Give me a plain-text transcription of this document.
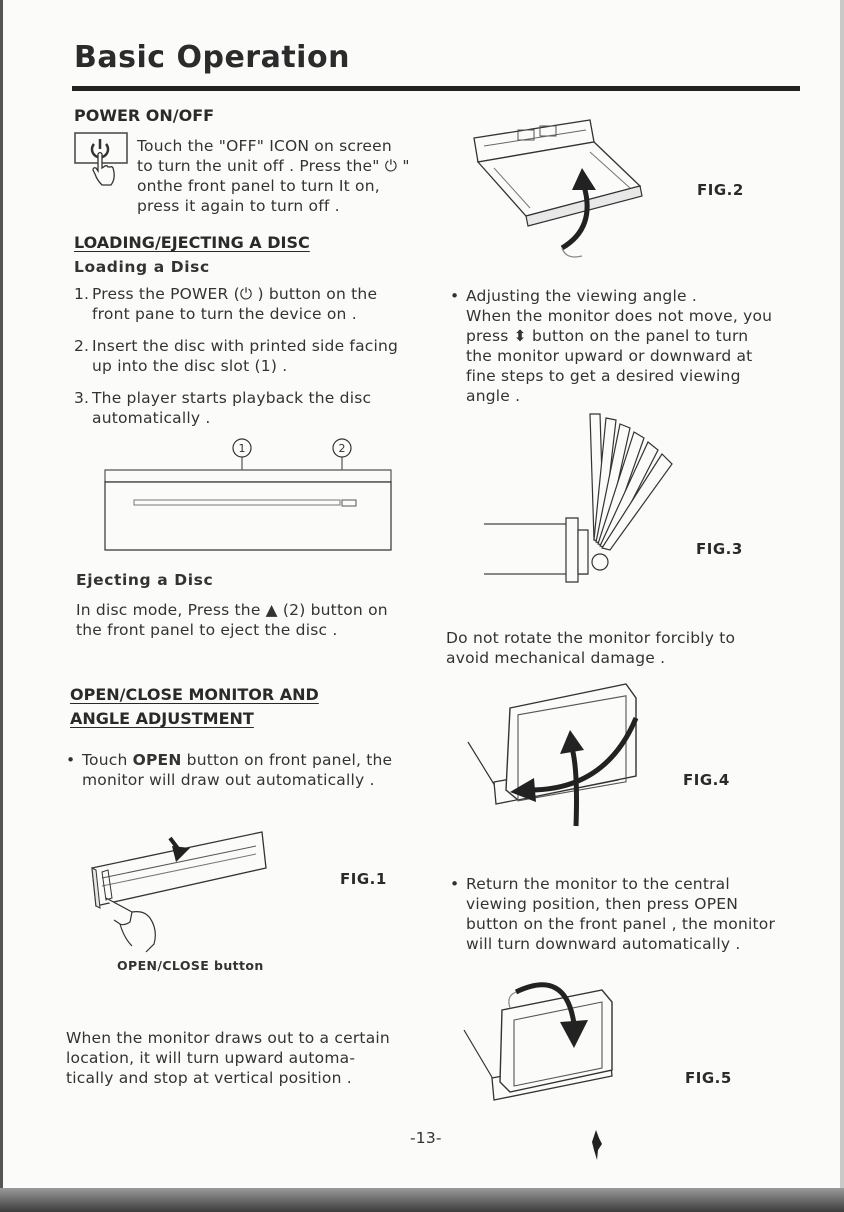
Basic Operation
POWER ON/OFF
Touch the "OFF" ICON on screen
to turn the unit off . Press the" ⏻ "
onthe front panel to turn It on,
press it again to turn off .
LOADING/EJECTING A DISC
Loading a Disc
1. Press the POWER (⏻ ) button on the
front pane to turn the device on .
2. Insert the disc with printed side facing
up into the disc slot (1) .
3. The player starts playback the disc
automatically .
1	2
Ejecting a Disc
In disc mode, Press the ▲ (2) button on
the front panel to eject the disc .
OPEN/CLOSE MONITOR AND
ANGLE ADJUSTMENT
• Touch OPEN button on front panel, the
monitor will draw out automatically .
FIG.1
OPEN/CLOSE button
When the monitor draws out to a certain
location, it will turn upward automa-
tically and stop at vertical position .
FIG.2
• Adjusting the viewing angle .
When the monitor does not move, you
press ⬍ button on the panel to turn
the monitor upward or downward at
fine steps to get a desired viewing
angle .
FIG.3
Do not rotate the monitor forcibly to
avoid mechanical damage .
FIG.4
• Return the monitor to the central
viewing position, then press OPEN
button on the front panel , the monitor
will turn downward automatically .
FIG.5
-13-
